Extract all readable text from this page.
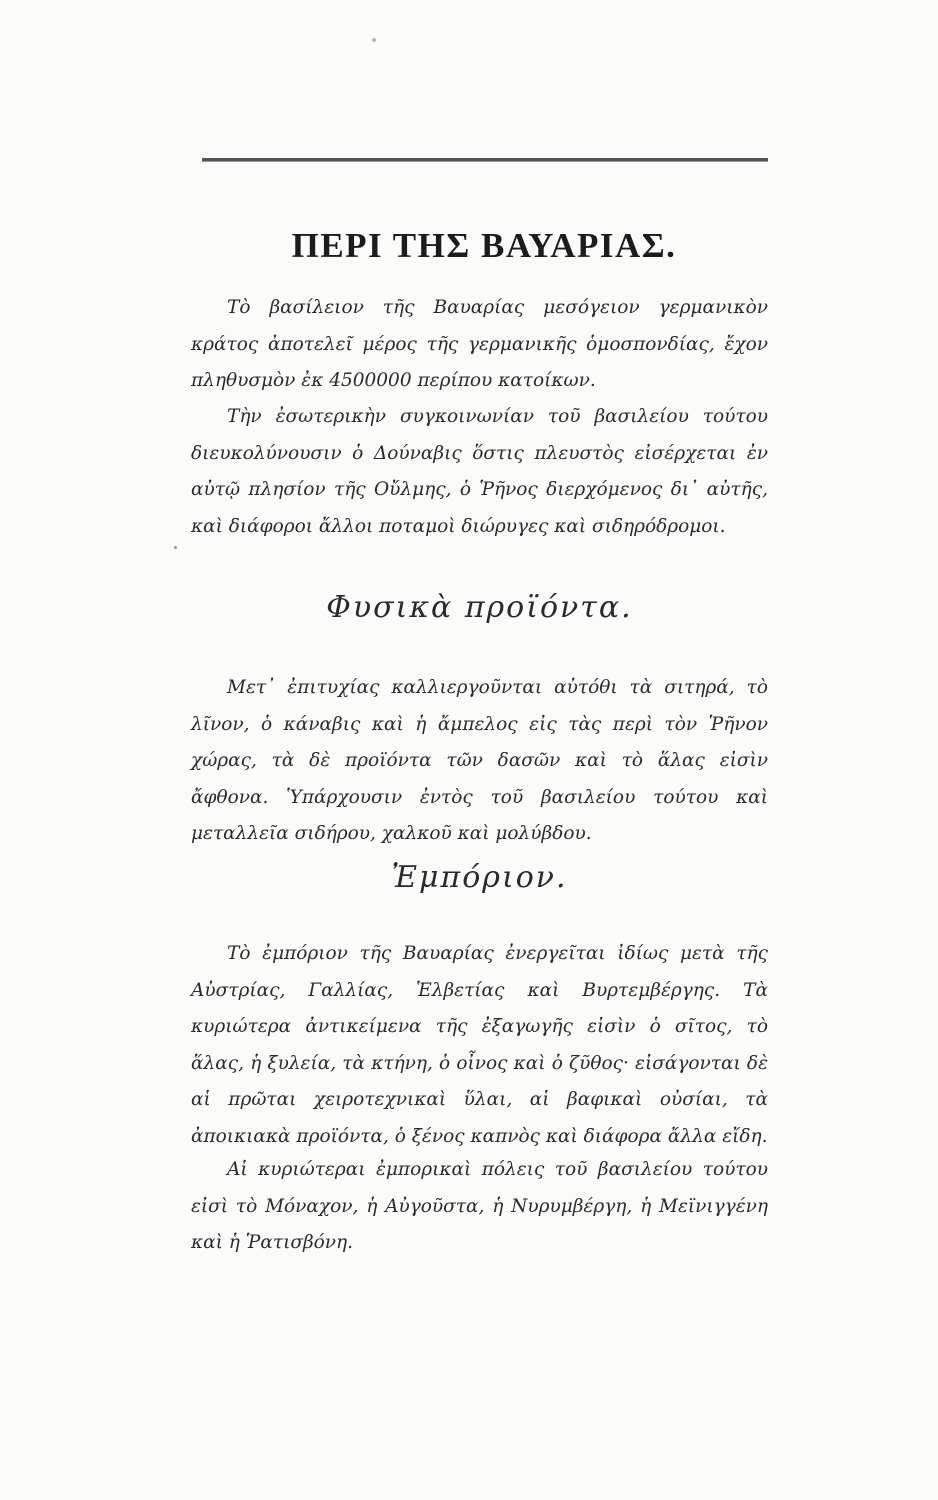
ΠΕΡΙ ΤΗΣ ΒΑΥΑΡΙΑΣ.

Τὸ βασίλειον τῆς Βαυαρίας μεσόγειον γερμανικὸν κράτος ἀποτελεῖ μέρος τῆς γερμανικῆς ὁμοσπονδίας, ἔχον πληθυσμὸν ἐκ 4500000 περίπου κατοίκων.

Τὴν ἐσωτερικὴν συγκοινωνίαν τοῦ βασιλείου τούτου διευκολύνουσιν ὁ Δούναβις ὅστις πλευστὸς εἰσέρχεται ἐν αὐτῷ πλησίον τῆς Οὔλμης, ὁ Ῥῆνος διερχόμενος δι᾽ αὐτῆς, καὶ διάφοροι ἄλλοι ποταμοὶ διώρυγες καὶ σιδηρόδρομοι.

Φυσικὰ προϊόντα.

Μετ᾽ ἐπιτυχίας καλλιεργοῦνται αὐτόθι τὰ σιτηρά, τὸ λῖνον, ὁ κάναβις καὶ ἡ ἄμπελος εἰς τὰς περὶ τὸν Ῥῆνον χώρας, τὰ δὲ προϊόντα τῶν δασῶν καὶ τὸ ἅλας εἰσὶν ἄφθονα. Ὑπάρχουσιν ἐντὸς τοῦ βασιλείου τούτου καὶ μεταλλεῖα σιδήρου, χαλκοῦ καὶ μολύβδου.

Ἐμπόριον.

Τὸ ἐμπόριον τῆς Βαυαρίας ἐνεργεῖται ἰδίως μετὰ τῆς Αὐστρίας, Γαλλίας, Ἑλβετίας καὶ Βυρτεμβέργης. Τὰ κυριώτερα ἀντικείμενα τῆς ἐξαγωγῆς εἰσὶν ὁ σῖτος, τὸ ἅλας, ἡ ξυλεία, τὰ κτήνη, ὁ οἶνος καὶ ὁ ζῦθος· εἰσάγονται δὲ αἱ πρῶται χειροτεχνικαὶ ὕλαι, αἱ βαφικαὶ οὐσίαι, τὰ ἀποικιακὰ προϊόντα, ὁ ξένος καπνὸς καὶ διάφορα ἄλλα εἴδη.

Αἱ κυριώτεραι ἐμπορικαὶ πόλεις τοῦ βασιλείου τούτου εἰσὶ τὸ Μόναχον, ἡ Αὐγοῦστα, ἡ Νυρυμβέργη, ἡ Μεϊνιγγένη καὶ ἡ Ῥατισβόνη.
